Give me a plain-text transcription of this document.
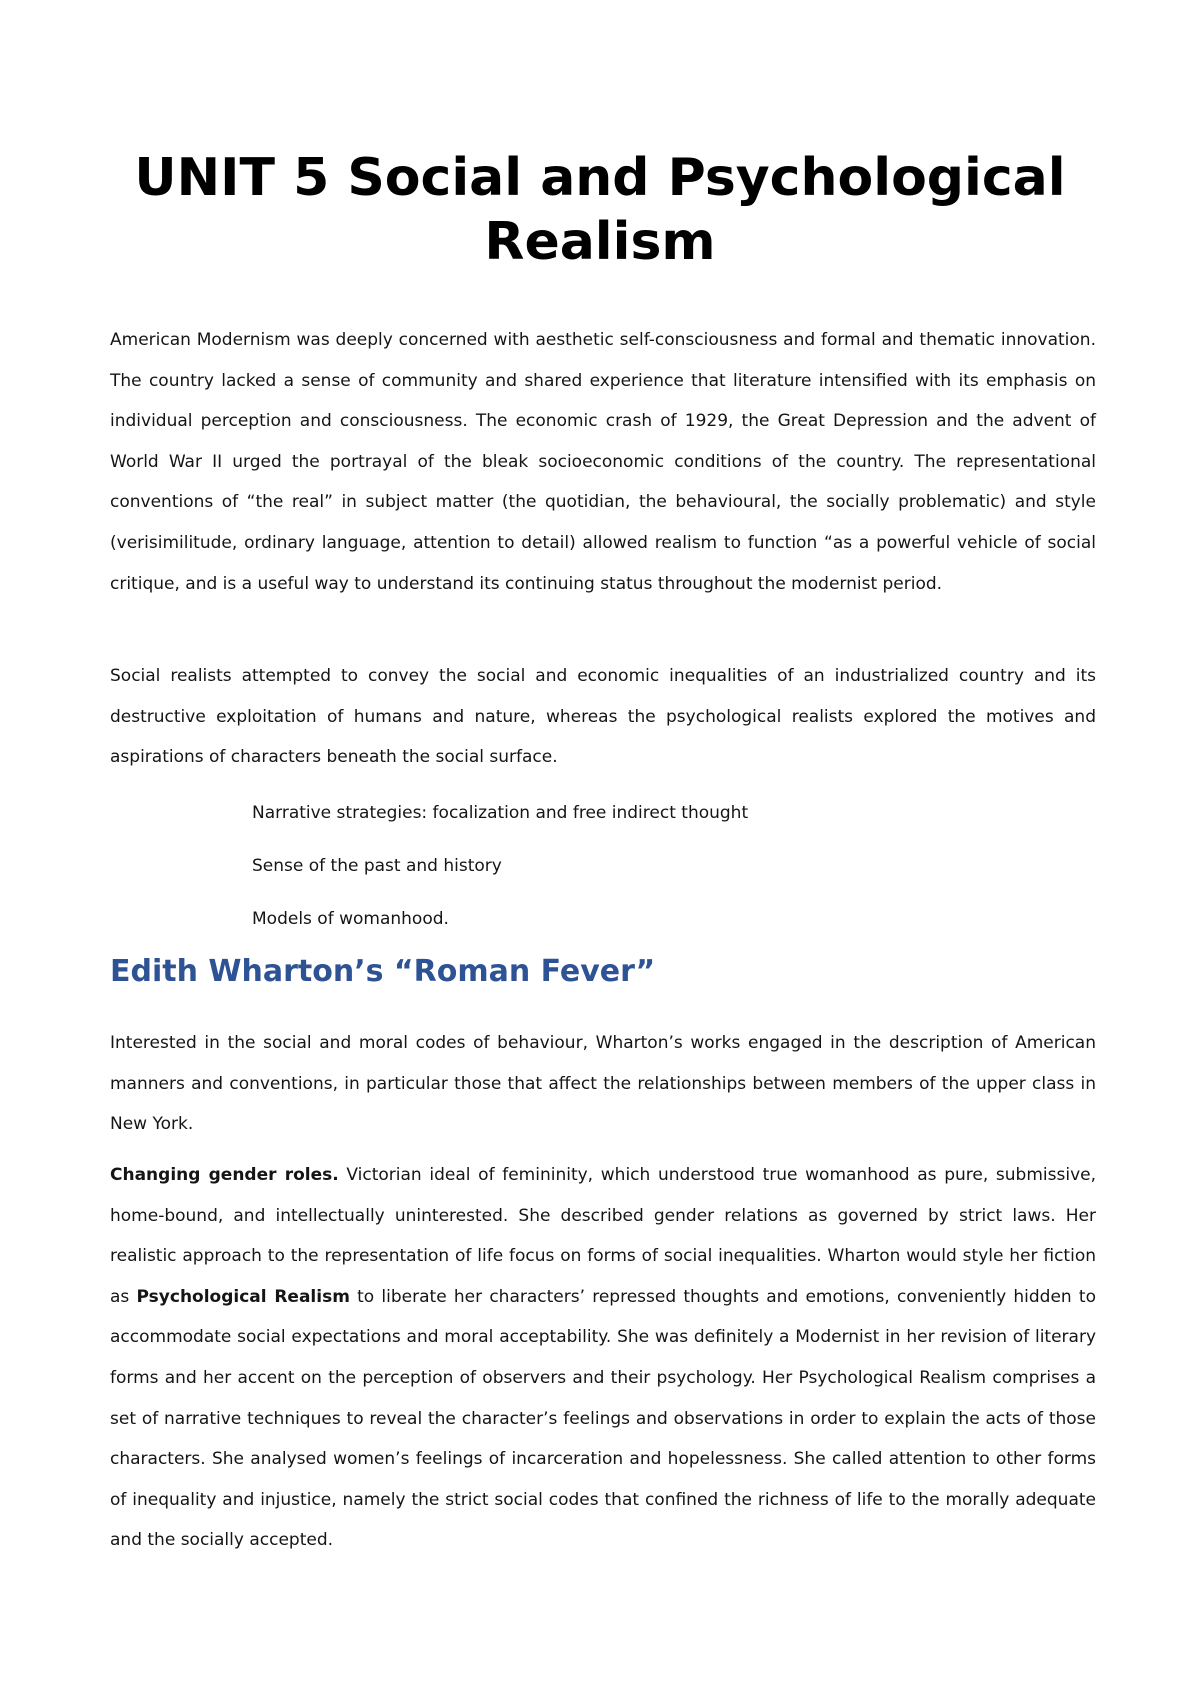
UNIT 5 Social and Psychological Realism

American Modernism was deeply concerned with aesthetic self-consciousness and formal and thematic innovation. The country lacked a sense of community and shared experience that literature intensified with its emphasis on individual perception and consciousness. The economic crash of 1929, the Great Depression and the advent of World War II urged the portrayal of the bleak socioeconomic conditions of the country. The representational conventions of “the real” in subject matter (the quotidian, the behavioural, the socially problematic) and style (verisimilitude, ordinary language, attention to detail) allowed realism to function “as a powerful vehicle of social critique, and is a useful way to understand its continuing status throughout the modernist period.

Social realists attempted to convey the social and economic inequalities of an industrialized country and its destructive exploitation of humans and nature, whereas the psychological realists explored the motives and aspirations of characters beneath the social surface.

Narrative strategies: focalization and free indirect thought

Sense of the past and history

Models of womanhood.

Edith Wharton’s “Roman Fever”

Interested in the social and moral codes of behaviour, Wharton’s works engaged in the description of American manners and conventions, in particular those that affect the relationships between members of the upper class in New York.

Changing gender roles. Victorian ideal of femininity, which understood true womanhood as pure, submissive, home-bound, and intellectually uninterested. She described gender relations as governed by strict laws. Her realistic approach to the representation of life focus on forms of social inequalities. Wharton would style her fiction as Psychological Realism to liberate her characters’ repressed thoughts and emotions, conveniently hidden to accommodate social expectations and moral acceptability. She was definitely a Modernist in her revision of literary forms and her accent on the perception of observers and their psychology. Her Psychological Realism comprises a set of narrative techniques to reveal the character’s feelings and observations in order to explain the acts of those characters. She analysed women’s feelings of incarceration and hopelessness. She called attention to other forms of inequality and injustice, namely the strict social codes that confined the richness of life to the morally adequate and the socially accepted.
